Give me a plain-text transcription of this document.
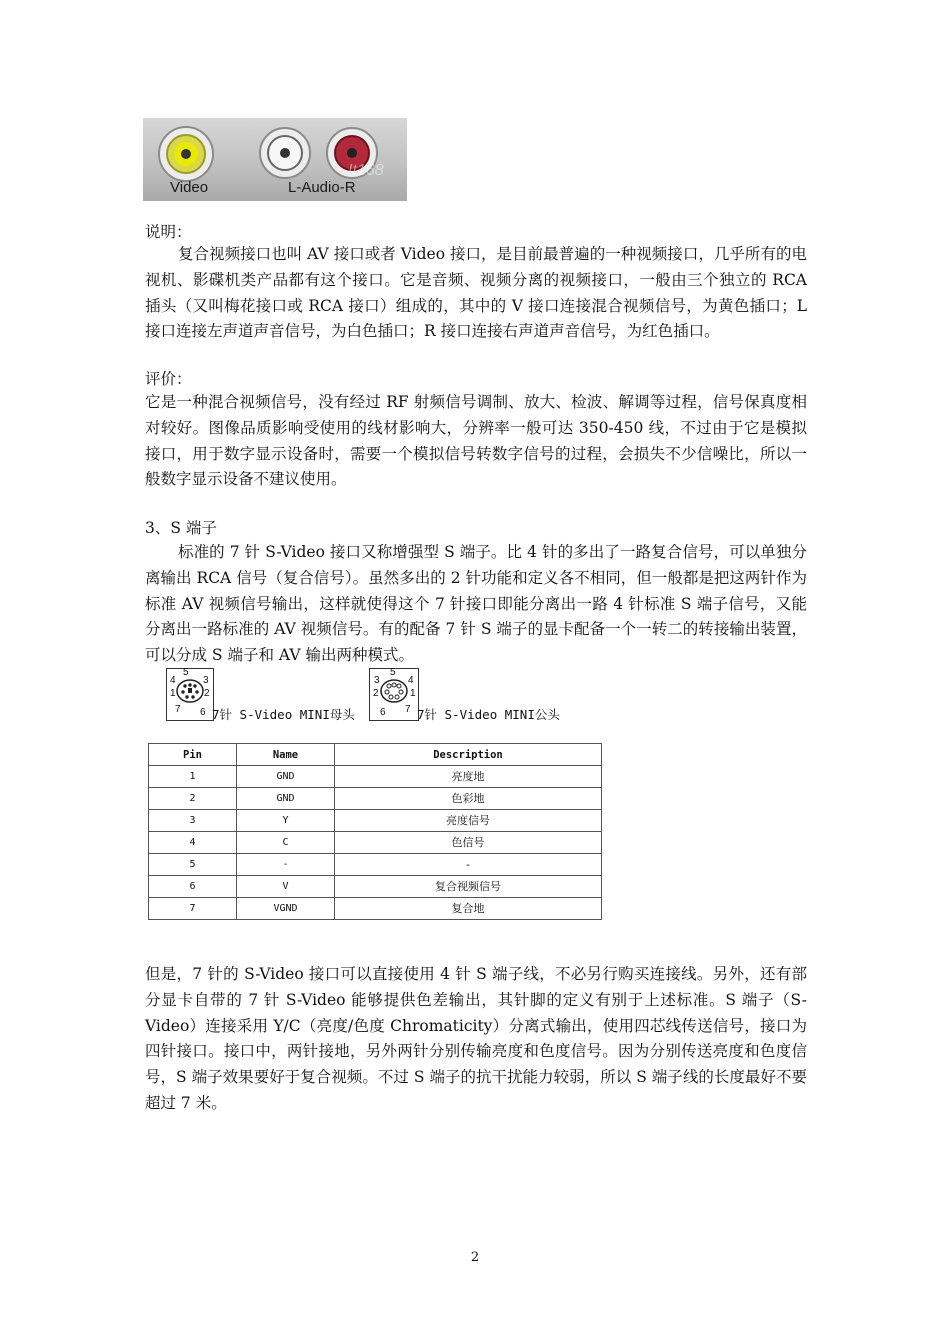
Video	L-Audio-R
It168

说明：

复合视频接口也叫 AV 接口或者 Video 接口，是目前最普遍的一种视频接口，几乎所有的电视机、影碟机类产品都有这个接口。它是音频、视频分离的视频接口，一般由三个独立的 RCA 插头（又叫梅花接口或 RCA 接口）组成的，其中的 V 接口连接混合视频信号，为黄色插口；L 接口连接左声道声音信号，为白色插口；R 接口连接右声道声音信号，为红色插口。

评价：

它是一种混合视频信号，没有经过 RF 射频信号调制、放大、检波、解调等过程，信号保真度相对较好。图像品质影响受使用的线材影响大，分辨率一般可达 350-450 线，不过由于它是模拟接口，用于数字显示设备时，需要一个模拟信号转数字信号的过程，会损失不少信噪比，所以一般数字显示设备不建议使用。

3、S 端子

标准的 7 针 S-Video 接口又称增强型 S 端子。比 4 针的多出了一路复合信号，可以单独分离输出 RCA 信号（复合信号）。虽然多出的 2 针功能和定义各不相同，但一般都是把这两针作为标准 AV 视频信号输出，这样就使得这个 7 针接口即能分离出一路 4 针标准 S 端子信号，又能分离出一路标准的 AV 视频信号。有的配备 7 针 S 端子的显卡配备一个一转二的转接输出装置，可以分成 S 端子和 AV 输出两种模式。

5
4	3
1	2
7 6 7针 S-Video MINI母头
3
5
4
2	1
6 7 7针 S-Video MINI公头
Pin	Name	Description
1	GND	亮度地
2	GND	色彩地
3	Y	亮度信号
4	C	色信号
5	-	-
6	V	复合视频信号
7	VGND	复合地

但是，7 针的 S-Video 接口可以直接使用 4 针 S 端子线，不必另行购买连接线。另外，还有部分显卡自带的 7 针 S-Video 能够提供色差输出，其针脚的定义有别于上述标准。S 端子（S-Video）连接采用 Y/C（亮度/色度 Chromaticity）分离式输出，使用四芯线传送信号，接口为四针接口。接口中，两针接地，另外两针分别传输亮度和色度信号。因为分别传送亮度和色度信号，S 端子效果要好于复合视频。不过 S 端子的抗干扰能力较弱，所以 S 端子线的长度最好不要超过 7 米。

2
